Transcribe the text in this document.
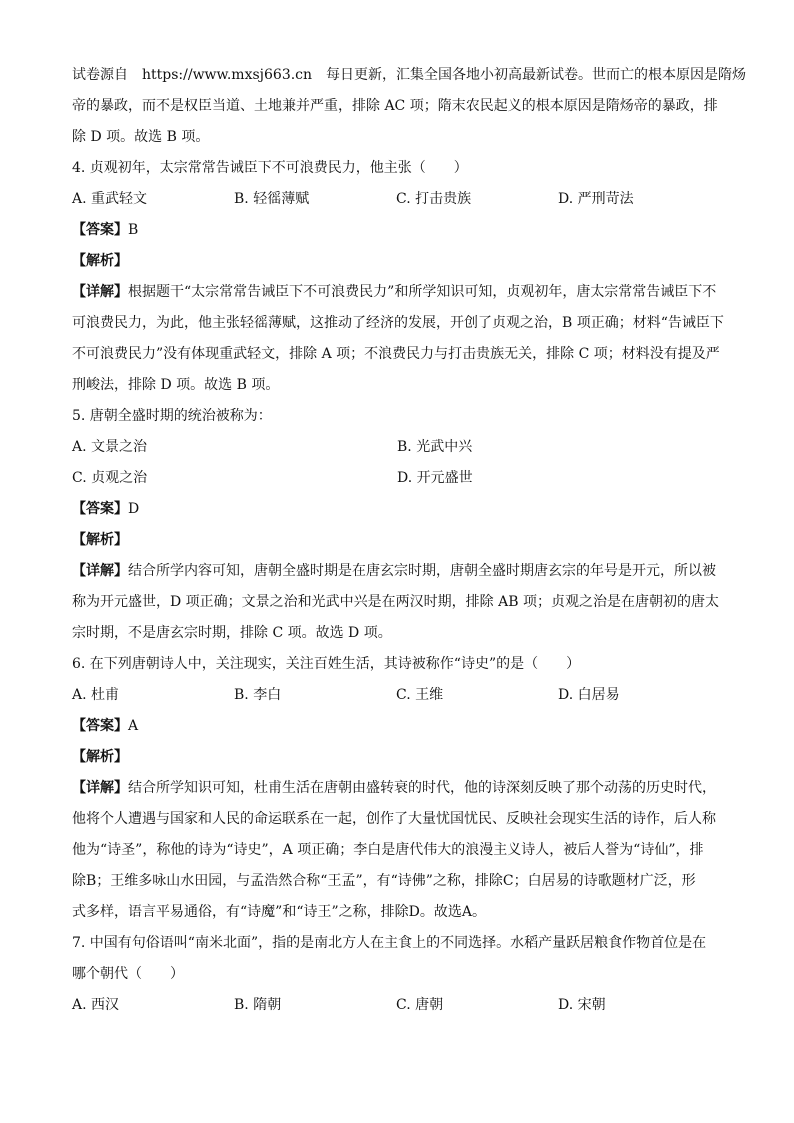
试卷源自 https://www.mxsj663.cn 每日更新，汇集全国各地小初高最新试卷。世而亡的根本原因是隋炀
帝的暴政，而不是权臣当道、土地兼并严重，排除 AC 项；隋末农民起义的根本原因是隋炀帝的暴政，排
除 D 项。故选 B 项。
4. 贞观初年，太宗常常告诫臣下不可浪费民力，他主张（　　）
A. 重武轻文	B. 轻徭薄赋	C. 打击贵族	D. 严刑苛法
【答案】B
【解析】
【详解】根据题干“太宗常常告诫臣下不可浪费民力”和所学知识可知，贞观初年，唐太宗常常告诫臣下不
可浪费民力，为此，他主张轻徭薄赋，这推动了经济的发展，开创了贞观之治，B 项正确；材料“告诫臣下
不可浪费民力”没有体现重武轻文，排除 A 项；不浪费民力与打击贵族无关，排除 C 项；材料没有提及严
刑峻法，排除 D 项。故选 B 项。
5. 唐朝全盛时期的统治被称为：
A. 文景之治	B. 光武中兴
C. 贞观之治	D. 开元盛世
【答案】D
【解析】
【详解】结合所学内容可知，唐朝全盛时期是在唐玄宗时期，唐朝全盛时期唐玄宗的年号是开元，所以被
称为开元盛世，D 项正确；文景之治和光武中兴是在两汉时期，排除 AB 项；贞观之治是在唐朝初的唐太
宗时期，不是唐玄宗时期，排除 C 项。故选 D 项。
6. 在下列唐朝诗人中，关注现实，关注百姓生活，其诗被称作“诗史”的是（　　）
A. 杜甫	B. 李白	C. 王维	D. 白居易
【答案】A
【解析】
【详解】结合所学知识可知，杜甫生活在唐朝由盛转衰的时代，他的诗深刻反映了那个动荡的历史时代，
他将个人遭遇与国家和人民的命运联系在一起，创作了大量忧国忧民、反映社会现实生活的诗作，后人称
他为“诗圣”，称他的诗为“诗史”，A 项正确；李白是唐代伟大的浪漫主义诗人，被后人誉为“诗仙”，排
除B；王维多咏山水田园，与孟浩然合称“王孟”，有“诗佛”之称，排除C；白居易的诗歌题材广泛，形
式多样，语言平易通俗，有“诗魔”和“诗王”之称，排除D。故选A。
7. 中国有句俗语叫“南米北面”，指的是南北方人在主食上的不同选择。水稻产量跃居粮食作物首位是在
哪个朝代（　　）
A. 西汉	B. 隋朝	C. 唐朝	D. 宋朝
